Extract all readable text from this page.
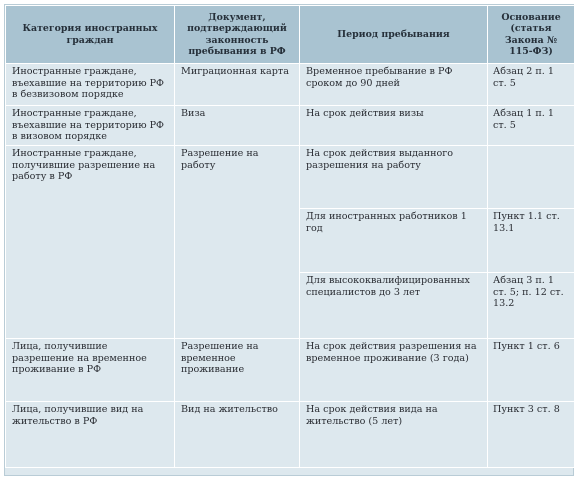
Категория иностранных граждан	Документ, подтверждающий законность пребывания в РФ	Период пребывания	Основание (статья Закона № 115-ФЗ)
Иностранные граждане, въехавшие на территорию РФ в безвизовом порядке	Миграционная карта	Временное пребывание в РФ сроком до 90 дней	Абзац 2 п. 1 ст. 5
Иностранные граждане, въехавшие на территорию РФ в визовом порядке	Виза	На срок действия визы	Абзац 1 п. 1 ст. 5
Иностранные граждане, получившие разрешение на работу в РФ	Разрешение на работу	На срок действия выданного разрешения на работу	
		Для иностранных работников 1 год	Пункт 1.1 ст. 13.1
		Для высококвалифицированных специалистов до 3 лет	Абзац 3 п. 1 ст. 5; п. 12 ст. 13.2
Лица, получившие разрешение на временное проживание в РФ	Разрешение на временное проживание	На срок действия разрешения на временное проживание (3 года)	Пункт 1 ст. 6
Лица, получившие вид на жительство в РФ	Вид на жительство	На срок действия вида на жительство (5 лет)	Пункт 3 ст. 8
